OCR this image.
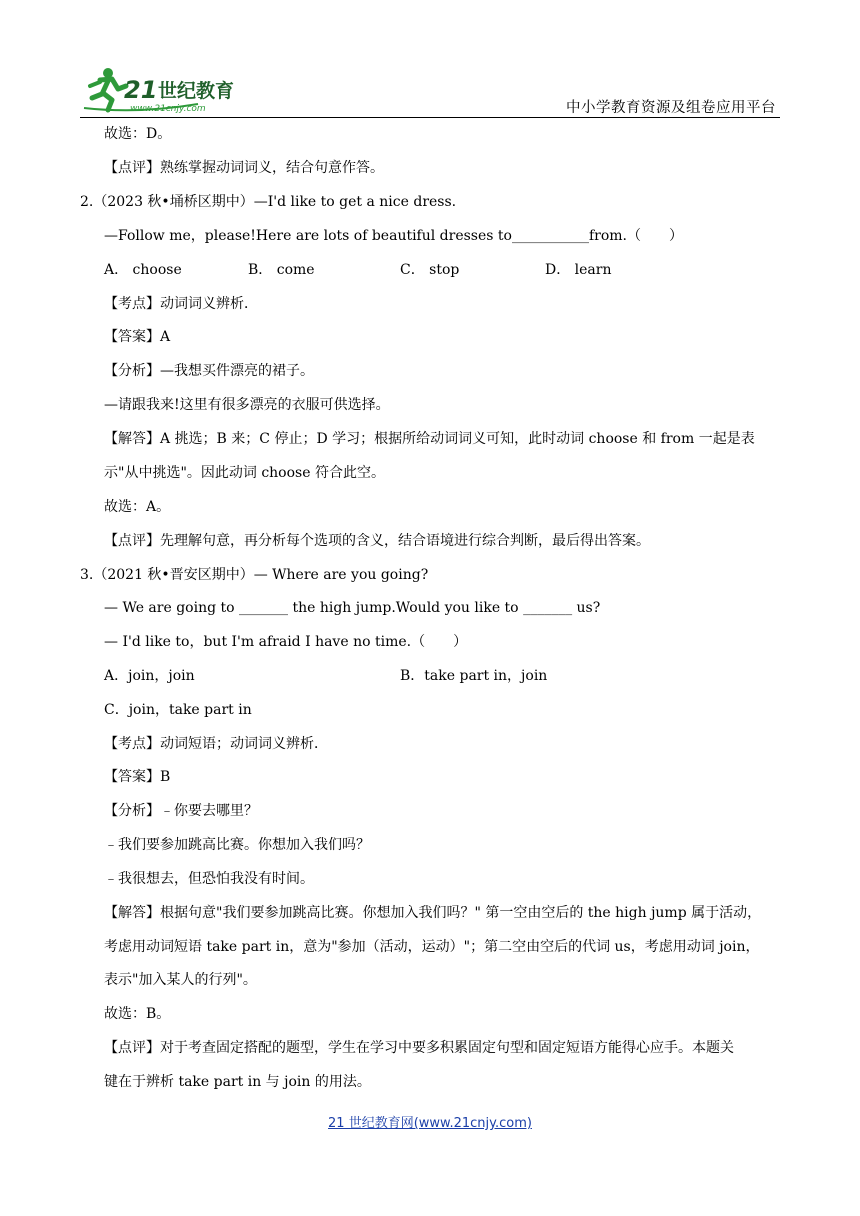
21 世纪教育
www.21cnjy.com	中小学教育资源及组卷应用平台
故选：D。
【点评】熟练掌握动词词义，结合句意作答。
2.（2023 秋•埇桥区期中）—I'd like to get a nice dress.
—Follow me，please!Here are lots of beautiful dresses to___________from.（　　）
A． choose	B． come	C． stop	D． learn
【考点】动词词义辨析．
【答案】A
【分析】—我想买件漂亮的裙子。
—请跟我来!这里有很多漂亮的衣服可供选择。
【解答】A 挑选；B 来；C 停止；D 学习；根据所给动词词义可知，此时动词 choose 和 from 一起是表
示"从中挑选"。因此动词 choose 符合此空。
故选：A。
【点评】先理解句意，再分析每个选项的含义，结合语境进行综合判断，最后得出答案。
3.（2021 秋•晋安区期中）— Where are you going?
— We are going to _______ the high jump.Would you like to _______ us?
— I'd like to，but I'm afraid I have no time.（　　）
A．join，join	B．take part in，join
C．join，take part in
【考点】动词短语；动词词义辨析．
【答案】B
【分析】﹣你要去哪里？
﹣我们要参加跳高比赛。你想加入我们吗？
﹣我很想去，但恐怕我没有时间。
【解答】根据句意"我们要参加跳高比赛。你想加入我们吗？" 第一空由空后的 the high jump 属于活动，
考虑用动词短语 take part in，意为"参加（活动，运动）"；第二空由空后的代词 us，考虑用动词 join，
表示"加入某人的行列"。
故选：B。
【点评】对于考查固定搭配的题型，学生在学习中要多积累固定句型和固定短语方能得心应手。本题关
键在于辨析 take part in 与 join 的用法。
21 世纪教育网(www.21cnjy.com)
